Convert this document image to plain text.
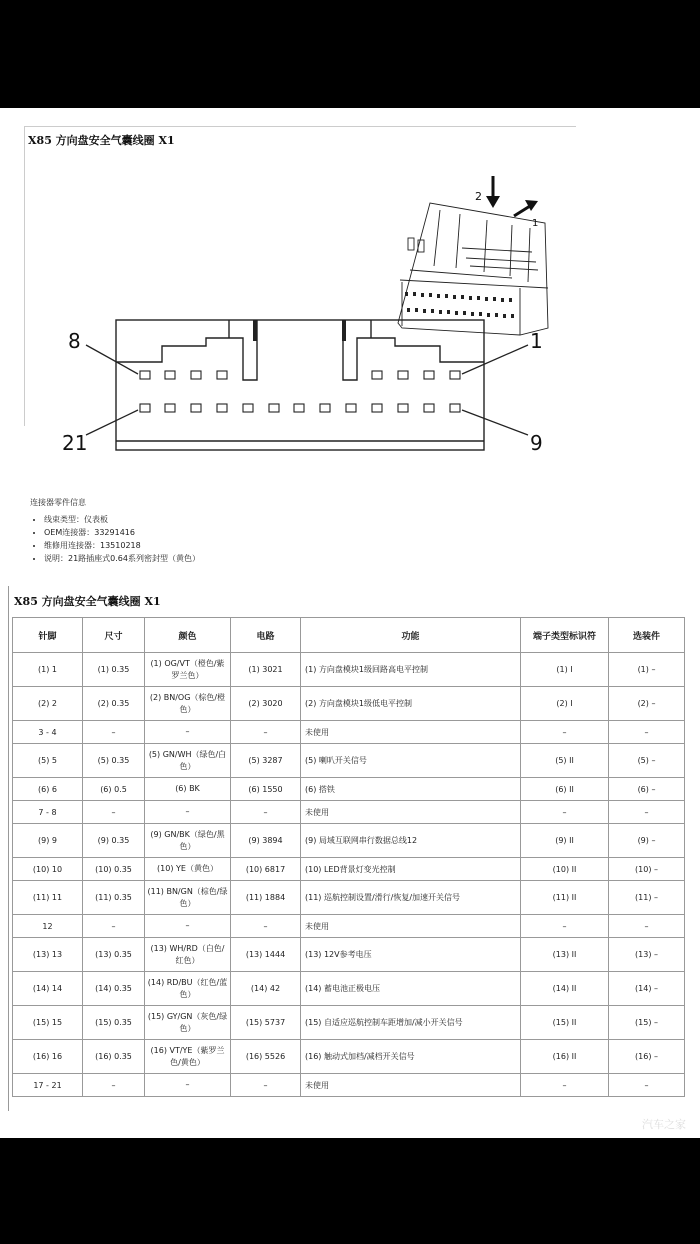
X85 方向盘安全气囊线圈 X1
2
1
8	1
21	9
连接器零件信息
• 线束类型：仪表板
• OEM连接器：33291416
• 维修用连接器：13510218
• 说明：21路插座式0.64系列密封型（黄色）
X85 方向盘安全气囊线圈 X1
针脚	尺寸	颜色	电路	功能	端子类型标识符	选装件
(1) 1	(1) 0.35	(1) OG/VT（橙色/紫罗兰色）	(1) 3021	(1) 方向盘模块1级回路高电平控制	(1) I	(1) –
(2) 2	(2) 0.35	(2) BN/OG（棕色/橙色）	(2) 3020	(2) 方向盘模块1级低电平控制	(2) I	(2) –
3 - 4	–	–	–	未使用	–	–
(5) 5	(5) 0.35	(5) GN/WH（绿色/白色）	(5) 3287	(5) 喇叭开关信号	(5) II	(5) –
(6) 6	(6) 0.5	(6) BK	(6) 1550	(6) 搭铁	(6) II	(6) –
7 - 8	–	–	–	未使用	–	–
(9) 9	(9) 0.35	(9) GN/BK（绿色/黑色）	(9) 3894	(9) 局域互联网串行数据总线12	(9) II	(9) –
(10) 10	(10) 0.35	(10) YE（黄色）	(10) 6817	(10) LED背景灯变光控制	(10) II	(10) –
(11) 11	(11) 0.35	(11) BN/GN（棕色/绿色）	(11) 1884	(11) 巡航控制设置/滑行/恢复/加速开关信号	(11) II	(11) –
12	–	–	–	未使用	–	–
(13) 13	(13) 0.35	(13) WH/RD（白色/红色）	(13) 1444	(13) 12V参考电压	(13) II	(13) –
(14) 14	(14) 0.35	(14) RD/BU（红色/蓝色）	(14) 42	(14) 蓄电池正极电压	(14) II	(14) –
(15) 15	(15) 0.35	(15) GY/GN（灰色/绿色）	(15) 5737	(15) 自适应巡航控制车距增加/减小开关信号	(15) II	(15) –
(16) 16	(16) 0.35	(16) VT/YE（紫罗兰色/黄色）	(16) 5526	(16) 触动式加档/减档开关信号	(16) II	(16) –
17 - 21	–	–	–	未使用	–	–
汽车之家
